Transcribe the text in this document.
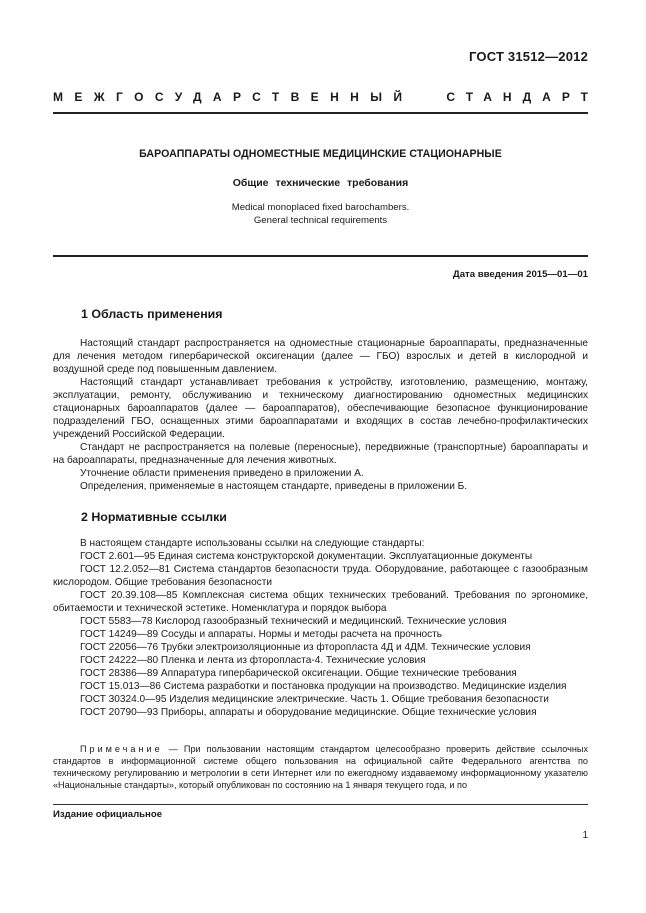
ГОСТ 31512—2012
МЕЖГОСУДАРСТВЕННЫЙ	СТАНДАРТ
БАРОАППАРАТЫ ОДНОМЕСТНЫЕ МЕДИЦИНСКИЕ СТАЦИОНАРНЫЕ
Общие технические требования
Medical monoplaced fixed barochambers.
General technical requirements
Дата введения 2015—01—01
1 Область применения

Настоящий стандарт распространяется на одноместные стационарные бароаппараты, предназначенные для лечения методом гипербарической оксигенации (далее — ГБО) взрослых и детей в кислородной и воздушной среде под повышенным давлением.

Настоящий стандарт устанавливает требования к устройству, изготовлению, размещению, монтажу, эксплуатации, ремонту, обслуживанию и техническому диагностированию одноместных медицинских стационарных бароаппаратов (далее — бароаппаратов), обеспечивающие безопасное функционирование подразделений ГБО, оснащенных этими бароаппаратами и входящих в состав лечебно-профилактических учреждений Российской Федерации.

Стандарт не распространяется на полевые (переносные), передвижные (транспортные) бароаппараты и на бароаппараты, предназначенные для лечения животных.

Уточнение области применения приведено в приложении А.

Определения, применяемые в настоящем стандарте, приведены в приложении Б.

2 Нормативные ссылки

В настоящем стандарте использованы ссылки на следующие стандарты:

ГОСТ 2.601—95 Единая система конструкторской документации. Эксплуатационные документы

ГОСТ 12.2.052—81 Система стандартов безопасности труда. Оборудование, работающее с газообразным кислородом. Общие требования безопасности

ГОСТ 20.39.108—85 Комплексная система общих технических требований. Требования по эргономике, обитаемости и технической эстетике. Номенклатура и порядок выбора

ГОСТ 5583—78 Кислород газообразный технический и медицинский. Технические условия

ГОСТ 14249—89 Сосуды и аппараты. Нормы и методы расчета на прочность

ГОСТ 22056—76 Трубки электроизоляционные из фторопласта 4Д и 4ДМ. Технические условия

ГОСТ 24222—80 Пленка и лента из фторопласта-4. Технические условия

ГОСТ 28386—89 Аппаратура гипербарической оксигенации. Общие технические требования

ГОСТ 15.013—86 Система разработки и постановка продукции на производство. Медицинские изделия

ГОСТ 30324.0—95 Изделия медицинские электрические. Часть 1. Общие требования безопасности

ГОСТ 20790—93 Приборы, аппараты и оборудование медицинские. Общие технические условия

Примечание — При пользовании настоящим стандартом целесообразно проверить действие ссылочных стандартов в информационной системе общего пользования на официальной сайте Федерального агентства по техническому регулированию и метрологии в сети Интернет или по ежегодному издаваемому информационному указателю «Национальные стандарты», который опубликован по состоянию на 1 января текущего года, и по
Издание официальное
1
